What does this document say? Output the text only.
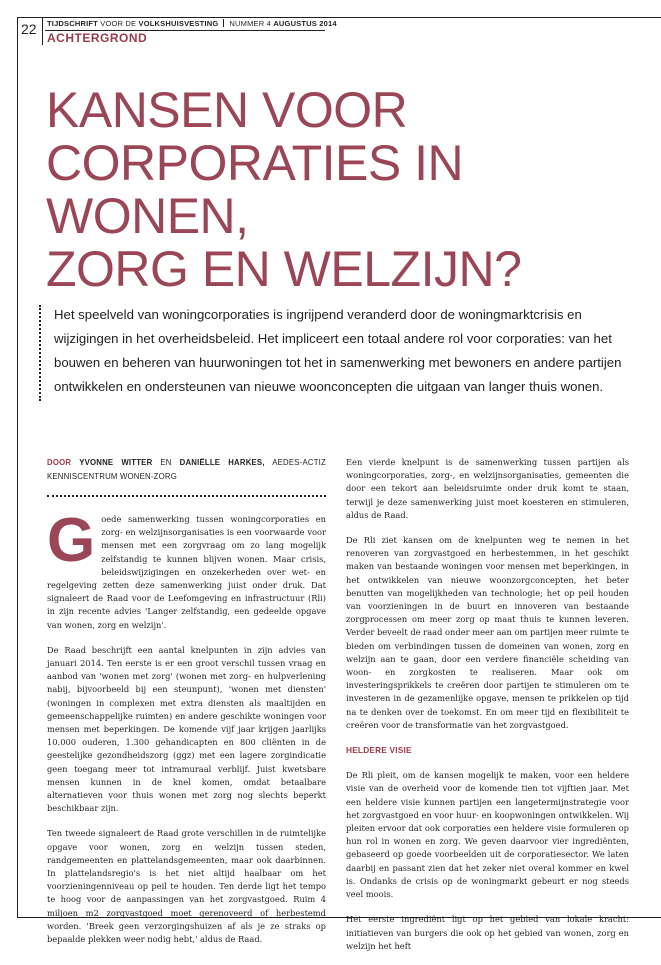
22 TIJDSCHRIFT VOOR DE VOLKSHUISVESTING NUMMER 4 AUGUSTUS 2014
ACHTERGROND
KANSEN VOOR
CORPORATIES IN WONEN,
ZORG EN WELZIJN?

Het speelveld van woningcorporaties is ingrijpend veranderd door de woningmarktcrisis en wijzigingen in het overheidsbeleid. Het impliceert een totaal andere rol voor corporaties: van het bouwen en beheren van huurwoningen tot het in samenwerking met bewoners en andere partijen ontwikkelen en ondersteunen van nieuwe woonconcepten die uitgaan van langer thuis wonen.

DOOR YVONNE WITTER EN DANIËLLE HARKES, AEDES-ACTIZ KENNISCENTRUM WONEN-ZORG

Goede samenwerking tussen woningcorporaties en zorg- en welzijnsorganisaties is een voorwaarde voor mensen met een zorgvraag om zo lang mogelijk zelfstandig te kunnen blijven wonen. Maar crisis, beleidswijzigingen en onzekerheden over wet- en regelgeving zetten deze samenwerking juist onder druk. Dat signaleert de Raad voor de Leefomgeving en infrastructuur (Rli) in zijn recente advies 'Langer zelfstandig, een gedeelde opgave van wonen, zorg en welzijn'.

De Raad beschrijft een aantal knelpunten in zijn advies van januari 2014. Ten eerste is er een groot verschil tussen vraag en aanbod van 'wonen met zorg' (wonen met zorg- en hulpverlening nabij, bijvoorbeeld bij een steunpunt), 'wonen met diensten' (woningen in complexen met extra diensten als maaltijden en gemeenschappelijke ruimten) en andere geschikte woningen voor mensen met beperkingen. De komende vijf jaar krijgen jaarlijks 10.000 ouderen, 1.300 gehandicapten en 800 cliënten in de geestelijke gezondheidszorg (ggz) met een lagere zorgindicatie geen toegang meer tot intramuraal verblijf. Juist kwetsbare mensen kunnen in de knel komen, omdat betaalbare alternatieven voor thuis wonen met zorg nog slechts beperkt beschikbaar zijn.

Ten tweede signaleert de Raad grote verschillen in de ruimtelijke opgave voor wonen, zorg en welzijn tussen steden, randgemeenten en plattelandsgemeenten, maar ook daarbinnen. In plattelandsregio's is het niet altijd haalbaar om het voorzieningenniveau op peil te houden. Ten derde ligt het tempo te hoog voor de aanpassingen van het zorgvastgoed. Ruim 4 miljoen m2 zorgvastgoed moet gerenoveerd of herbestemd worden. 'Breek geen verzorgingshuizen af als je ze straks op bepaalde plekken weer nodig hebt,' aldus de Raad.

Een vierde knelpunt is de samenwerking tussen partijen als woningcorporaties, zorg-, en welzijnsorganisaties, gemeenten die door een tekort aan beleidsruimte onder druk komt te staan, terwijl je deze samenwerking juist moet koesteren en stimuleren, aldus de Raad.

De Rli ziet kansen om de knelpunten weg te nemen in het renoveren van zorgvastgoed en herbestemmen, in het geschikt maken van bestaande woningen voor mensen met beperkingen, in het ontwikkelen van nieuwe woonzorgconcepten, het beter benutten van mogelijkheden van technologie; het op peil houden van voorzieningen in de buurt en innoveren van bestaande zorgprocessen om meer zorg op maat thuis te kunnen leveren. Verder beveelt de raad onder meer aan om partijen meer ruimte te bieden om verbindingen tussen de domeinen van wonen, zorg en welzijn aan te gaan, door een verdere financiële scheiding van woon- en zorgkosten te realiseren. Maar ook om investeringsprikkels te creëren door partijen te stimuleren om te investeren in de gezamenlijke opgave, mensen te prikkelen op tijd na te denken over de toekomst. En om meer tijd en flexibiliteit te creëren voor de transformatie van het zorgvastgoed.

HELDERE VISIE

De Rli pleit, om de kansen mogelijk te maken, voor een heldere visie van de overheid voor de komende tien tot vijftien jaar. Met een heldere visie kunnen partijen een langetermijnstrategie voor het zorgvastgoed en voor huur- en koopwoningen ontwikkelen. Wij pleiten ervoor dat ook corporaties een heldere visie formuleren op hun rol in wonen en zorg. We geven daarvoor vier ingrediënten, gebaseerd op goede voorbeelden uit de corporatiesector. We laten daarbij en passant zien dat het zeker niet overal kommer en kwel is. Ondanks de crisis op de woningmarkt gebeurt er nog steeds veel moois.

Het eerste ingrediënt ligt op het gebied van lokale kracht: initiatieven van burgers die ook op het gebied van wonen, zorg en welzijn het heft
